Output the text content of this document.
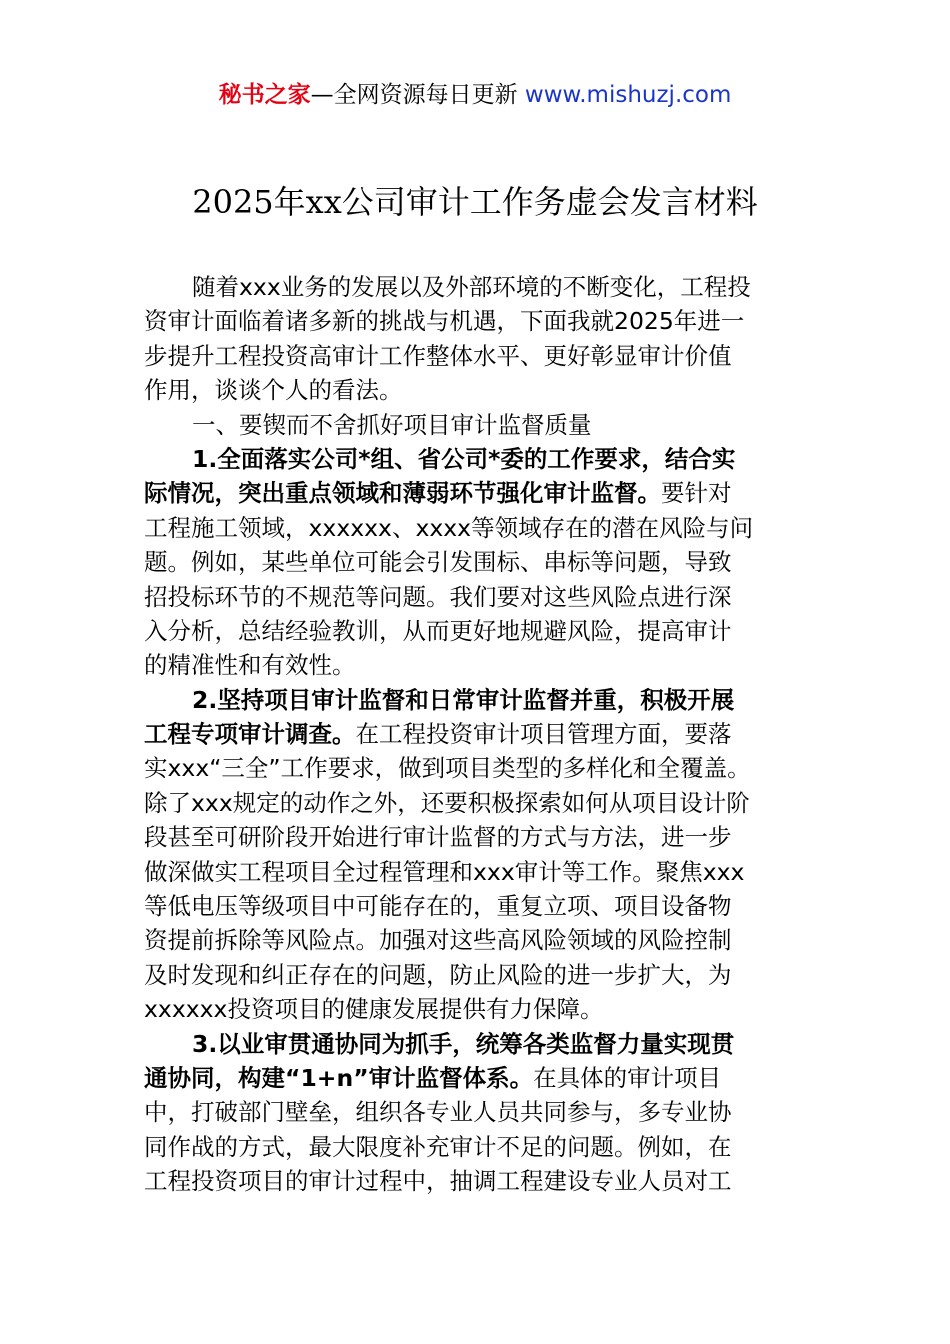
秘书之家—全网资源每日更新 www.mishuzj.com
2025年xx公司审计工作务虚会发言材料
随着xxx业务的发展以及外部环境的不断变化，工程投
资审计面临着诸多新的挑战与机遇，下面我就2025年进一
步提升工程投资高审计工作整体水平、更好彰显审计价值
作用，谈谈个人的看法。
一、要锲而不舍抓好项目审计监督质量
1.全面落实公司*组、省公司*委的工作要求，结合实
际情况，突出重点领域和薄弱环节强化审计监督。要针对
工程施工领域，xxxxxx、xxxx等领域存在的潜在风险与问
题。例如，某些单位可能会引发围标、串标等问题，导致
招投标环节的不规范等问题。我们要对这些风险点进行深
入分析，总结经验教训，从而更好地规避风险，提高审计
的精准性和有效性。
2.坚持项目审计监督和日常审计监督并重，积极开展
工程专项审计调查。在工程投资审计项目管理方面，要落
实xxx“三全”工作要求，做到项目类型的多样化和全覆盖。
除了xxx规定的动作之外，还要积极探索如何从项目设计阶
段甚至可研阶段开始进行审计监督的方式与方法，进一步
做深做实工程项目全过程管理和xxx审计等工作。聚焦xxx
等低电压等级项目中可能存在的，重复立项、项目设备物
资提前拆除等风险点。加强对这些高风险领域的风险控制
及时发现和纠正存在的问题，防止风险的进一步扩大，为
xxxxxx投资项目的健康发展提供有力保障。
3.以业审贯通协同为抓手，统筹各类监督力量实现贯
通协同，构建“1+n”审计监督体系。在具体的审计项目
中，打破部门壁垒，组织各专业人员共同参与，多专业协
同作战的方式，最大限度补充审计不足的问题。例如，在
工程投资项目的审计过程中，抽调工程建设专业人员对工
